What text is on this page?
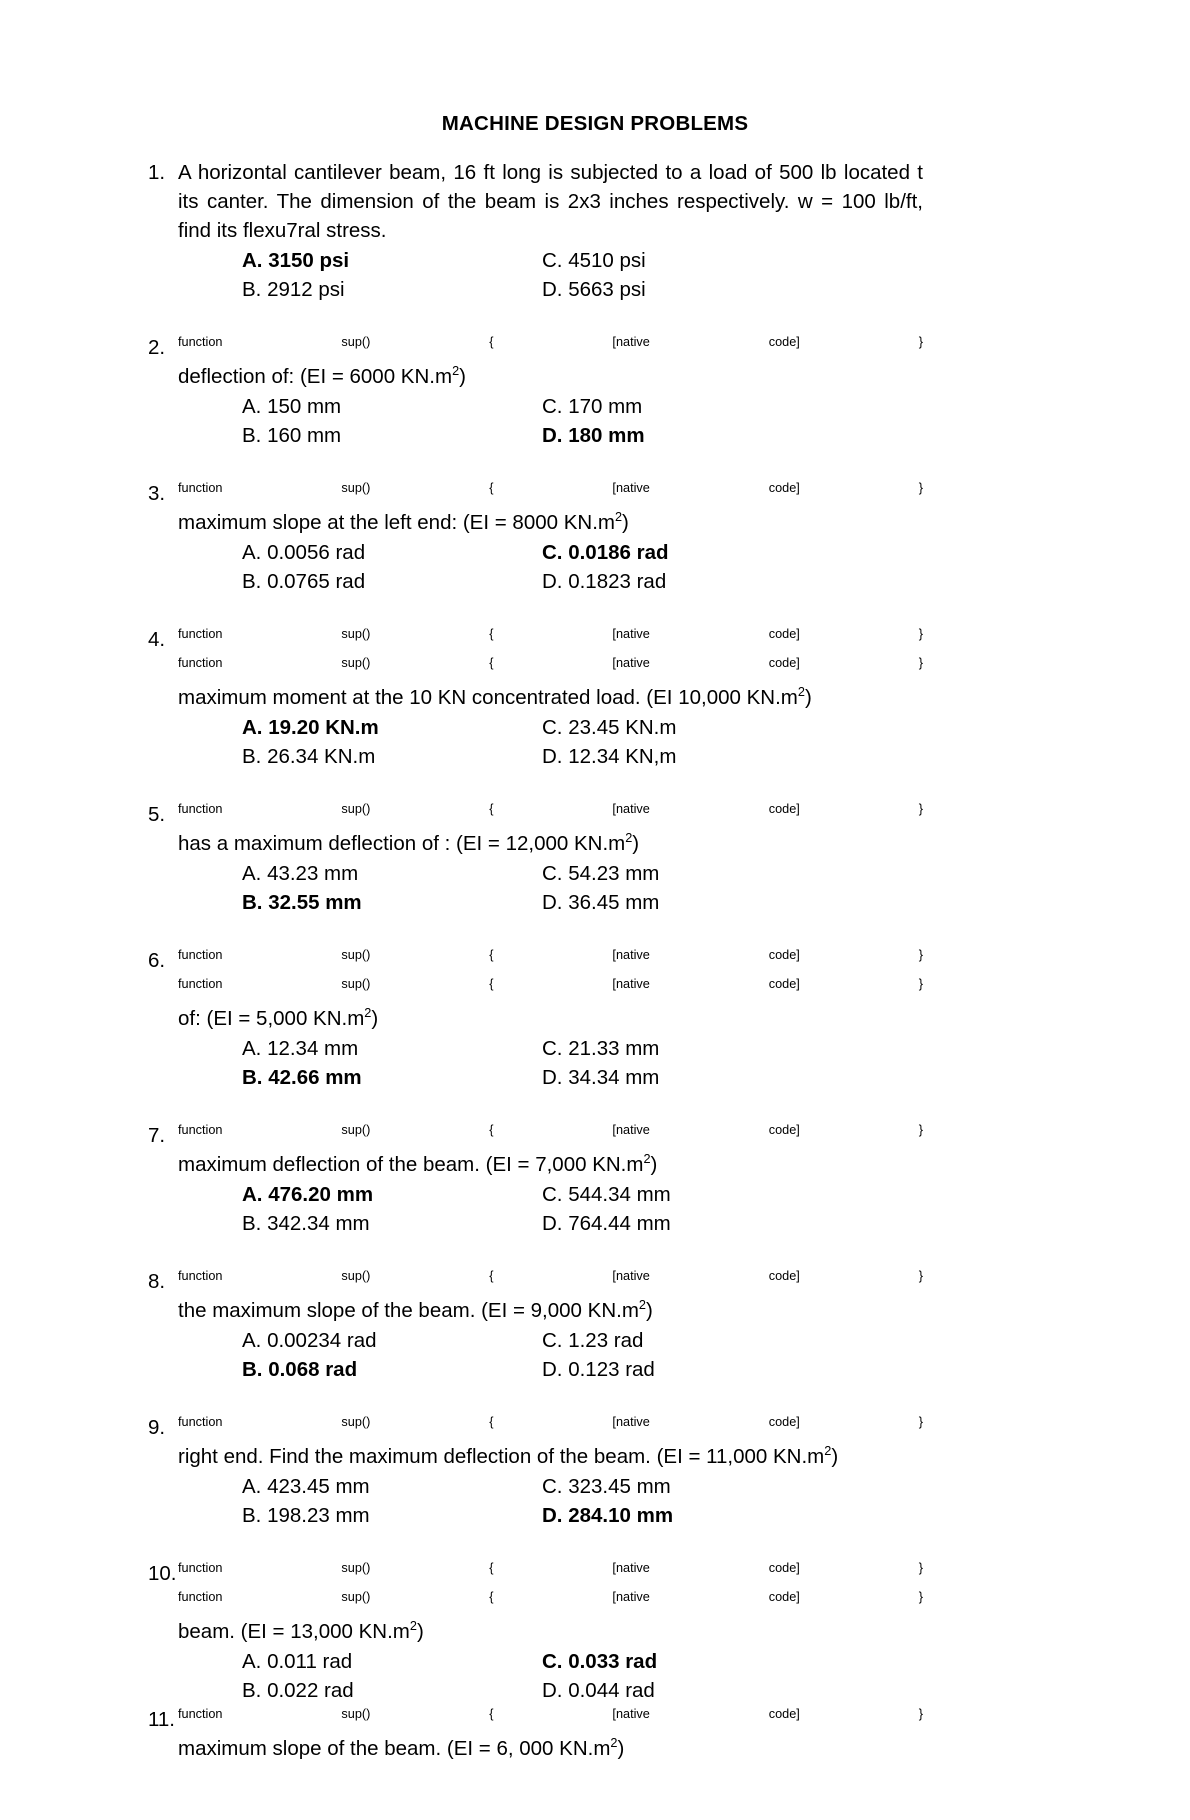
MACHINE DESIGN PROBLEMS
1. A horizontal cantilever beam, 16 ft long is subjected to a load of 500 lb located t
its canter. The dimension of the beam is 2x3 inches respectively. w = 100 lb/ft,
find its flexu7ral stress.
A. 3150 psi	C. 4510 psi
B. 2912 psi	D. 5663 psi
2.	$^{function sup() \{ [native code] \}}$
deflection of: (EI = 6000 $KN.m^2$)
A. 150 mm	C. 170 mm
B. 160 mm	D. 180 mm
3.	$^{function sup() \{ [native code] \}}$
maximum slope at the left end: (EI = 8000 $KN.m^2$)
A. 0.0056 rad	C. 0.0186 rad
B. 0.0765 rad	D. 0.1823 rad
4.	$^{function sup() \{ [native code] \}}$
$^{function sup() \{ [native code] \}}$
maximum moment at the 10 KN concentrated load. (EI 10,000 $KN.m^2$)
A. 19.20 KN.m	C. 23.45 KN.m
B. 26.34 KN.m	D. 12.34 KN,m
5.	$^{function sup() \{ [native code] \}}$
has a maximum deflection of : (EI = 12,000 $KN.m^2$)
A. 43.23 mm	C. 54.23 mm
B. 32.55 mm	D. 36.45 mm
6.	$^{function sup() \{ [native code] \}}$
$^{function sup() \{ [native code] \}}$
of: (EI = 5,000 $KN.m^2$)
A. 12.34 mm	C. 21.33 mm
B. 42.66 mm	D. 34.34 mm
7.	$^{function sup() \{ [native code] \}}$
maximum deflection of the beam. (EI = 7,000 $KN.m^2$)
A. 476.20 mm	C. 544.34 mm
B. 342.34 mm	D. 764.44 mm
8.	$^{function sup() \{ [native code] \}}$
the maximum slope of the beam. (EI = 9,000 $KN.m^2$)
A. 0.00234 rad	C. 1.23 rad
B. 0.068 rad	D. 0.123 rad
9.	$^{function sup() \{ [native code] \}}$
right end. Find the maximum deflection of the beam. (EI = 11,000 $KN.m^2$)
A. 423.45 mm	C. 323.45 mm
B. 198.23 mm	D. 284.10 mm
10. $^{function sup() \{ [native code] \}}$
$^{function sup() \{ [native code] \}}$
beam. (EI = 13,000 $KN.m^2$)
A. 0.011 rad	C. 0.033 rad
B. 0.022 rad	D. 0.044 rad
11. $^{function sup() \{ [native code] \}}$
maximum slope of the beam. (EI = 6, 000 $KN.m^2$)
